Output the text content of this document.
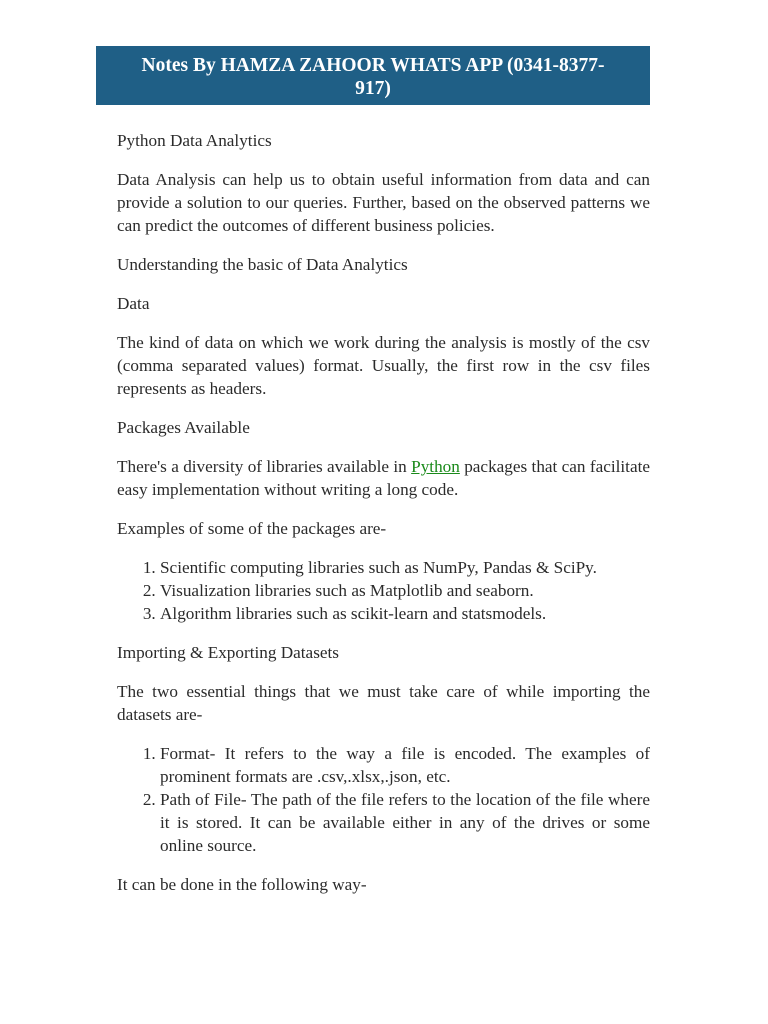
Notes By HAMZA ZAHOOR WHATS APP (0341-8377-917)

Python Data Analytics

Data Analysis can help us to obtain useful information from data and can provide a solution to our queries. Further, based on the observed patterns we can predict the outcomes of different business policies.

Understanding the basic of Data Analytics

Data

The kind of data on which we work during the analysis is mostly of the csv (comma separated values) format. Usually, the first row in the csv files represents as headers.

Packages Available

There's a diversity of libraries available in Python packages that can facilitate easy implementation without writing a long code.

Examples of some of the packages are-

1. Scientific computing libraries such as NumPy, Pandas & SciPy.
2. Visualization libraries such as Matplotlib and seaborn.
3. Algorithm libraries such as scikit-learn and statsmodels.

Importing & Exporting Datasets

The two essential things that we must take care of while importing the datasets are-

1. Format- It refers to the way a file is encoded. The examples of prominent formats are .csv,.xlsx,.json, etc.
2. Path of File- The path of the file refers to the location of the file where it is stored. It can be available either in any of the drives or some online source.

It can be done in the following way-
